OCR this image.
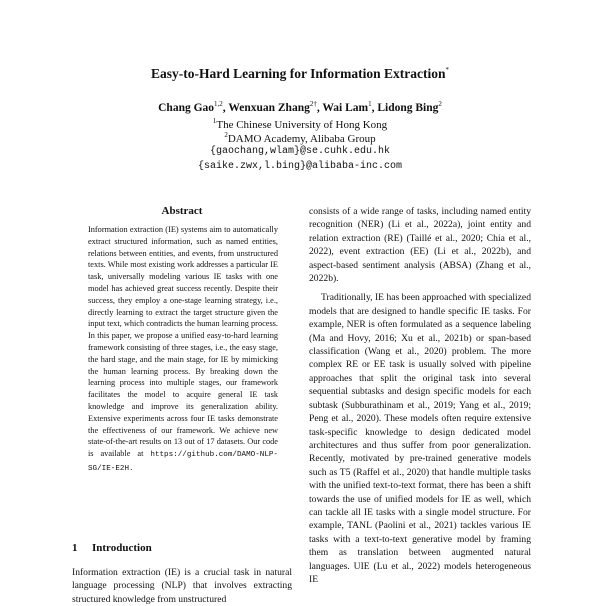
Easy-to-Hard Learning for Information Extraction*
Chang Gao$^{1,2}$, Wenxuan Zhang$^{2\dagger}$, Wai Lam$^1$, Lidong Bing$^2$
$^1$The Chinese University of Hong Kong
$^2$DAMO Academy, Alibaba Group
{gaochang,wlam}@se.cuhk.edu.hk
{saike.zwx,l.bing}@alibaba-inc.com
Abstract
Information extraction (IE) systems aim to automatically extract structured information, such as named entities, relations between entities, and events, from unstructured texts. While most existing work addresses a particular IE task, universally modeling various IE tasks with one model has achieved great success recently. Despite their success, they employ a one-stage learning strategy, i.e., directly learning to extract the target structure given the input text, which contradicts the human learning process. In this paper, we propose a unified easy-to-hard learning framework consisting of three stages, i.e., the easy stage, the hard stage, and the main stage, for IE by mimicking the human learning process. By breaking down the learning process into multiple stages, our framework facilitates the model to acquire general IE task knowledge and improve its generalization ability. Extensive experiments across four IE tasks demonstrate the effectiveness of our framework. We achieve new state-of-the-art results on 13 out of 17 datasets. Our code is available at https://github.com/DAMO-NLP-SG/IE-E2H.
1 Introduction
Information extraction (IE) is a crucial task in natural language processing (NLP) that involves extracting structured knowledge from unstructured

consists of a wide range of tasks, including named entity recognition (NER) (Li et al., 2022a), joint entity and relation extraction (RE) (Taillé et al., 2020; Chia et al., 2022), event extraction (EE) (Li et al., 2022b), and aspect-based sentiment analysis (ABSA) (Zhang et al., 2022b).

Traditionally, IE has been approached with specialized models that are designed to handle specific IE tasks. For example, NER is often formulated as a sequence labeling (Ma and Hovy, 2016; Xu et al., 2021b) or span-based classification (Wang et al., 2020) problem. The more complex RE or EE task is usually solved with pipeline approaches that split the original task into several sequential subtasks and design specific models for each subtask (Subburathinam et al., 2019; Yang et al., 2019; Peng et al., 2020). These models often require extensive task-specific knowledge to design dedicated model architectures and thus suffer from poor generalization. Recently, motivated by pre-trained generative models such as T5 (Raffel et al., 2020) that handle multiple tasks with the unified text-to-text format, there has been a shift towards the use of unified models for IE as well, which can tackle all IE tasks with a single model structure. For example, TANL (Paolini et al., 2021) tackles various IE tasks with a text-to-text generative model by framing them as translation between augmented natural languages. UIE (Lu et al., 2022) models heterogeneous IE
